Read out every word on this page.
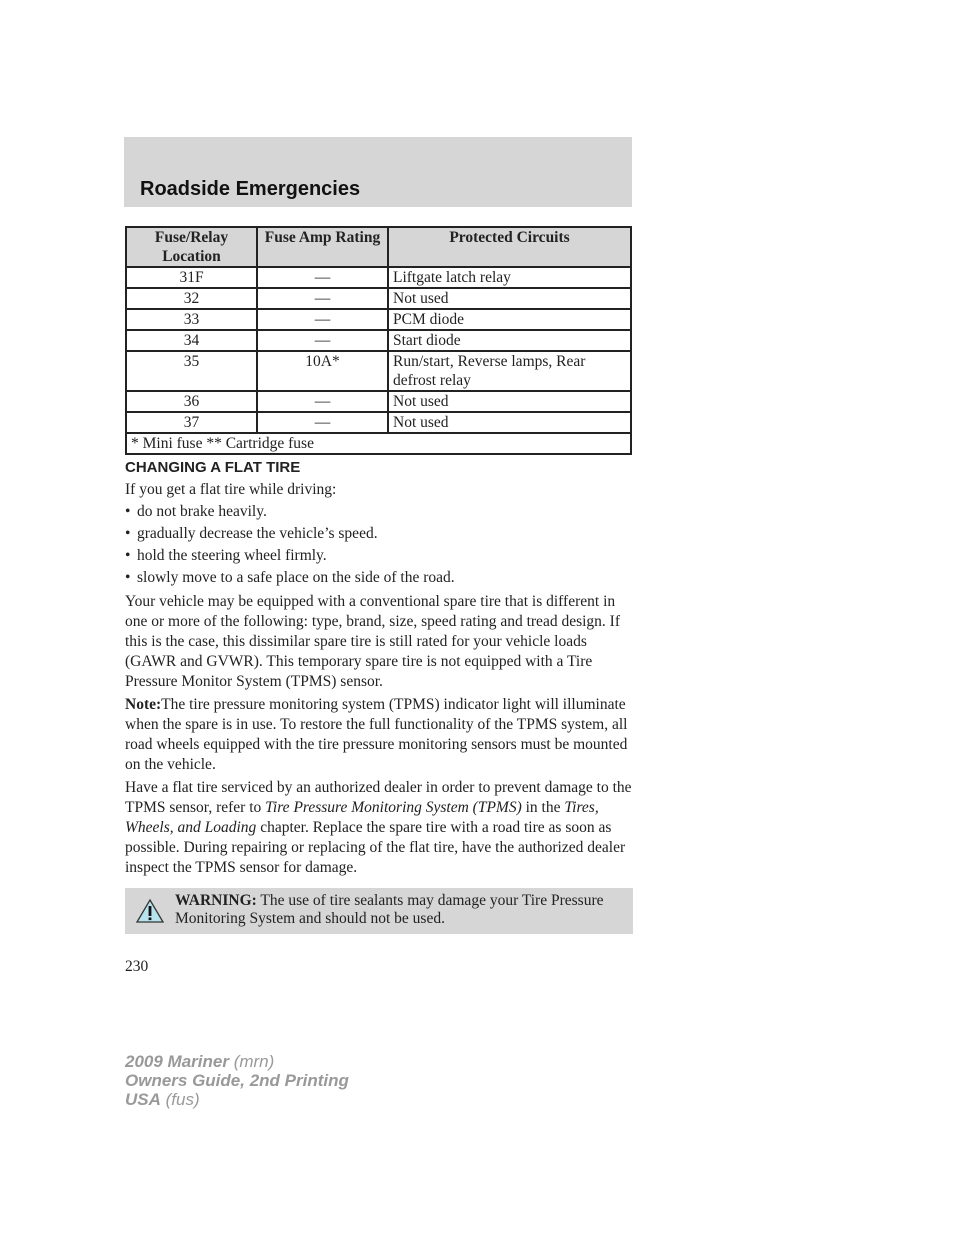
Roadside Emergencies
Fuse/Relay Location	Fuse Amp Rating	Protected Circuits
31F	—	Liftgate latch relay
32	—	Not used
33	—	PCM diode
34	—	Start diode
35	10A*	Run/start, Reverse lamps, Rear defrost relay
36	—	Not used
37	—	Not used
* Mini fuse ** Cartridge fuse		
CHANGING A FLAT TIRE
If you get a flat tire while driving:
• do not brake heavily.
• gradually decrease the vehicle’s speed.
• hold the steering wheel firmly.
• slowly move to a safe place on the side of the road.
Your vehicle may be equipped with a conventional spare tire that is different in one or more of the following: type, brand, size, speed rating and tread design. If this is the case, this dissimilar spare tire is still rated for your vehicle loads (GAWR and GVWR). This temporary spare tire is not equipped with a Tire Pressure Monitor System (TPMS) sensor.
Note:The tire pressure monitoring system (TPMS) indicator light will illuminate when the spare is in use. To restore the full functionality of the TPMS system, all road wheels equipped with the tire pressure monitoring sensors must be mounted on the vehicle.
Have a flat tire serviced by an authorized dealer in order to prevent damage to the TPMS sensor, refer to Tire Pressure Monitoring System (TPMS) in the Tires, Wheels, and Loading chapter. Replace the spare tire with a road tire as soon as possible. During repairing or replacing of the flat tire, have the authorized dealer inspect the TPMS sensor for damage.
WARNING: The use of tire sealants may damage your Tire Pressure Monitoring System and should not be used.
230
2009 Mariner (mrn)
Owners Guide, 2nd Printing
USA (fus)
